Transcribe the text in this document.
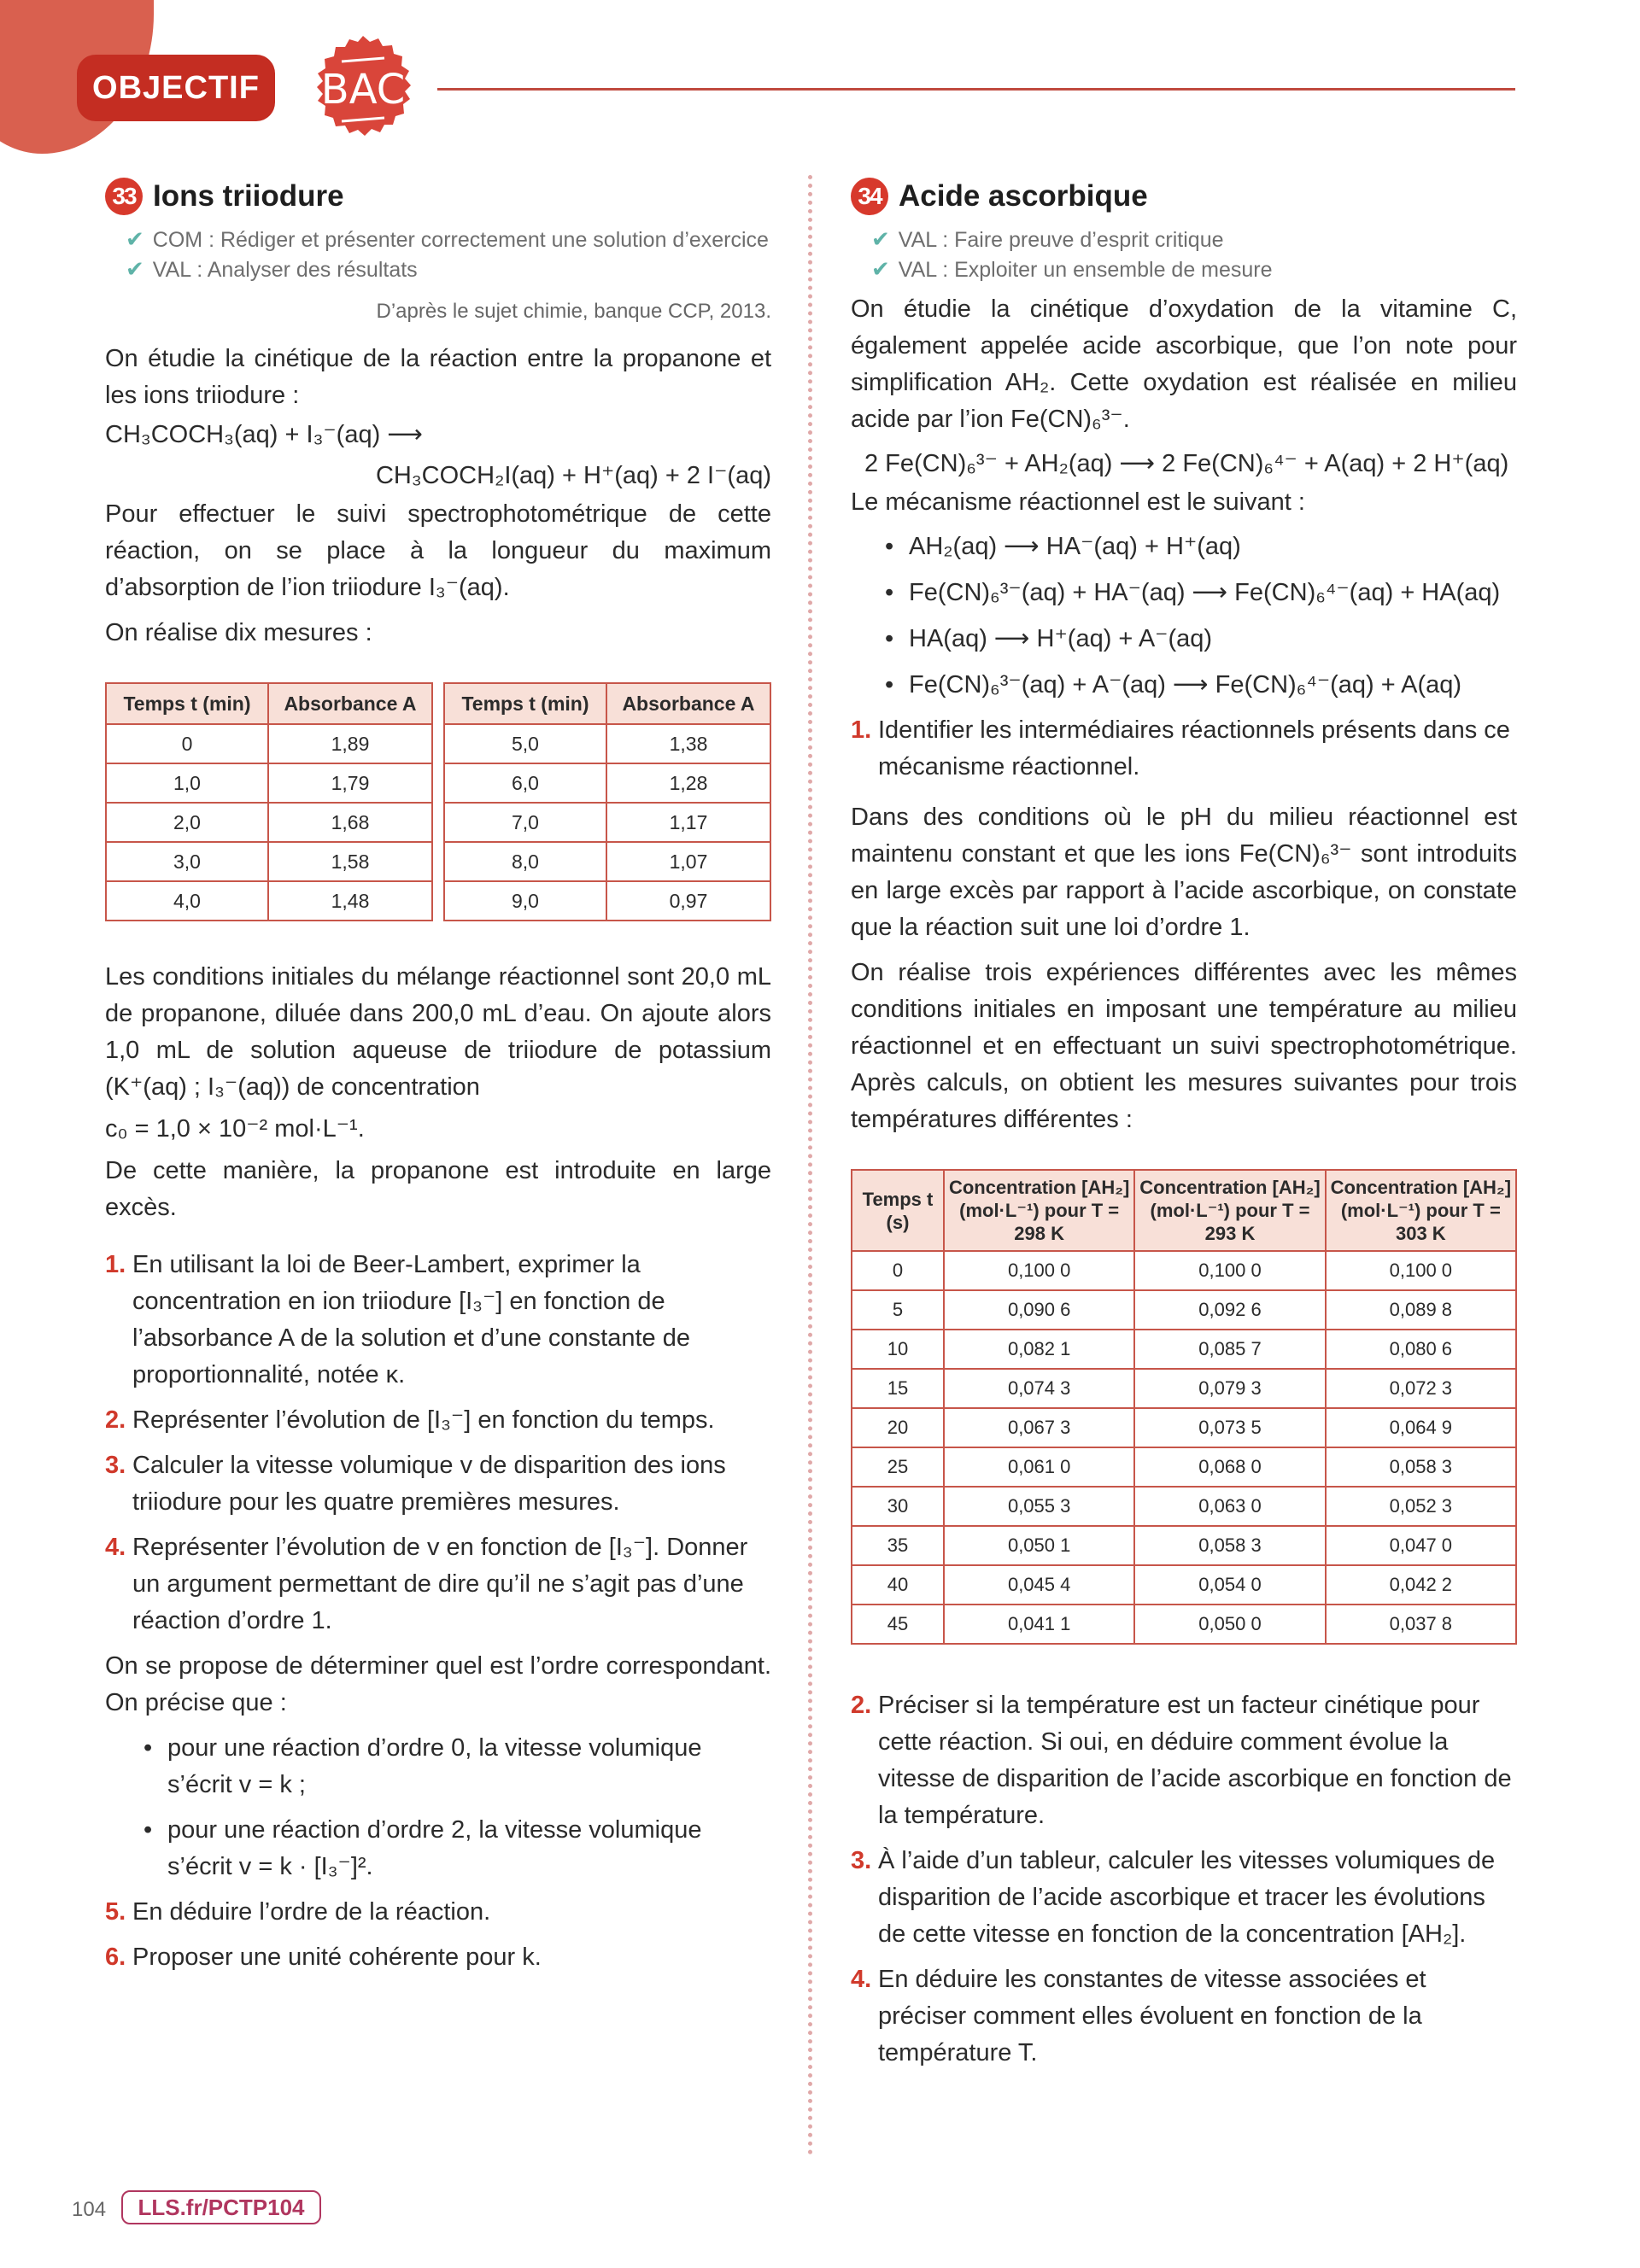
OBJECTIF	BAC
33 Ions triiodure
✔ COM : Rédiger et présenter correctement une solution d’exercice
✔ VAL : Analyser des résultats
D’après le sujet chimie, banque CCP, 2013.

On étudie la cinétique de la réaction entre la propanone et les ions triiodure :

CH₃COCH₃(aq) + I₃⁻(aq) ⟶
CH₃COCH₂I(aq) + H⁺(aq) + 2 I⁻(aq)

Pour effectuer le suivi spectrophotométrique de cette réaction, on se place à la longueur du maximum d’absorption de l’ion triiodure I₃⁻(aq).

On réalise dix mesures :

Temps t (min)	Absorbance A
0	1,89
1,0	1,79
2,0	1,68
3,0	1,58
4,0	1,48
Temps t (min)	Absorbance A
5,0	1,38
6,0	1,28
7,0	1,17
8,0	1,07
9,0	0,97

Les conditions initiales du mélange réactionnel sont 20,0 mL de propanone, diluée dans 200,0 mL d’eau. On ajoute alors 1,0 mL de solution aqueuse de triiodure de potassium (K⁺(aq) ; I₃⁻(aq)) de concentration

c₀ = 1,0 × 10⁻² mol·L⁻¹.

De cette manière, la propanone est introduite en large excès.

1. En utilisant la loi de Beer-Lambert, exprimer la concentration en ion triiodure [I₃⁻] en fonction de l’absorbance A de la solution et d’une constante de proportionnalité, notée κ.
2. Représenter l’évolution de [I₃⁻] en fonction du temps.
3. Calculer la vitesse volumique v de disparition des ions triiodure pour les quatre premières mesures.
4. Représenter l’évolution de v en fonction de [I₃⁻]. Donner un argument permettant de dire qu’il ne s’agit pas d’une réaction d’ordre 1.

On se propose de déterminer quel est l’ordre correspondant. On précise que :

• pour une réaction d’ordre 0, la vitesse volumique s’écrit v = k ;
• pour une réaction d’ordre 2, la vitesse volumique s’écrit v = k · [I₃⁻]².
5. En déduire l’ordre de la réaction.
6. Proposer une unité cohérente pour k.
34 Acide ascorbique
✔ VAL : Faire preuve d’esprit critique
✔ VAL : Exploiter un ensemble de mesure

On étudie la cinétique d’oxydation de la vitamine C, également appelée acide ascorbique, que l’on note pour simplification AH₂. Cette oxydation est réalisée en milieu acide par l’ion Fe(CN)₆³⁻.

2 Fe(CN)₆³⁻ + AH₂(aq) ⟶ 2 Fe(CN)₆⁴⁻ + A(aq) + 2 H⁺(aq)

Le mécanisme réactionnel est le suivant :

• AH₂(aq) ⟶ HA⁻(aq) + H⁺(aq)
• Fe(CN)₆³⁻(aq) + HA⁻(aq) ⟶ Fe(CN)₆⁴⁻(aq) + HA(aq)
• HA(aq) ⟶ H⁺(aq) + A⁻(aq)
• Fe(CN)₆³⁻(aq) + A⁻(aq) ⟶ Fe(CN)₆⁴⁻(aq) + A(aq)
1. Identifier les intermédiaires réactionnels présents dans ce mécanisme réactionnel.

Dans des conditions où le pH du milieu réactionnel est maintenu constant et que les ions Fe(CN)₆³⁻ sont introduits en large excès par rapport à l’acide ascorbique, on constate que la réaction suit une loi d’ordre 1.

On réalise trois expériences différentes avec les mêmes conditions initiales en imposant une température au milieu réactionnel et en effectuant un suivi spectrophotométrique. Après calculs, on obtient les mesures suivantes pour trois températures différentes :

Temps t (s)	Concentration [AH₂] (mol·L⁻¹) pour T = 298 K	Concentration [AH₂] (mol·L⁻¹) pour T = 293 K	Concentration [AH₂] (mol·L⁻¹) pour T = 303 K
0	0,100 0	0,100 0	0,100 0
5	0,090 6	0,092 6	0,089 8
10	0,082 1	0,085 7	0,080 6
15	0,074 3	0,079 3	0,072 3
20	0,067 3	0,073 5	0,064 9
25	0,061 0	0,068 0	0,058 3
30	0,055 3	0,063 0	0,052 3
35	0,050 1	0,058 3	0,047 0
40	0,045 4	0,054 0	0,042 2
45	0,041 1	0,050 0	0,037 8
2. Préciser si la température est un facteur cinétique pour cette réaction. Si oui, en déduire comment évolue la vitesse de disparition de l’acide ascorbique en fonction de la température.
3. À l’aide d’un tableur, calculer les vitesses volumiques de disparition de l’acide ascorbique et tracer les évolutions de cette vitesse en fonction de la concentration [AH₂].
4. En déduire les constantes de vitesse associées et préciser comment elles évoluent en fonction de la température T.
104	LLS.fr/PCTP104
